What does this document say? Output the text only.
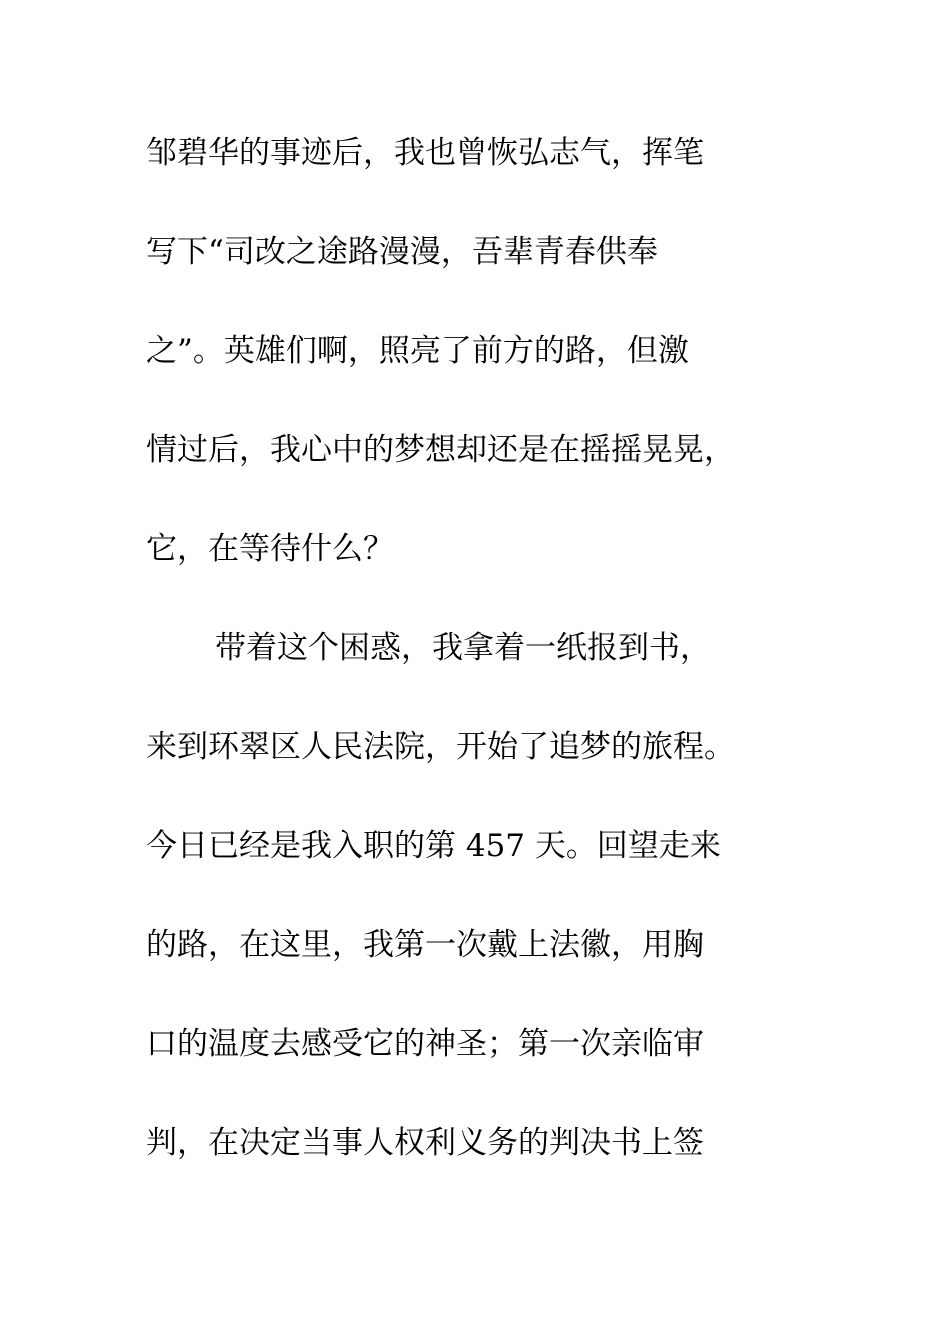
邹碧华的事迹后，我也曾恢弘志气，挥笔
写下“司改之途路漫漫，吾辈青春供奉
之”。英雄们啊，照亮了前方的路，但激
情过后，我心中的梦想却还是在摇摇晃晃，
它，在等待什么？
带着这个困惑，我拿着一纸报到书，
来到环翠区人民法院，开始了追梦的旅程。
今日已经是我入职的第 457 天。回望走来
的路，在这里，我第一次戴上法徽，用胸
口的温度去感受它的神圣；第一次亲临审
判，在决定当事人权利义务的判决书上签
